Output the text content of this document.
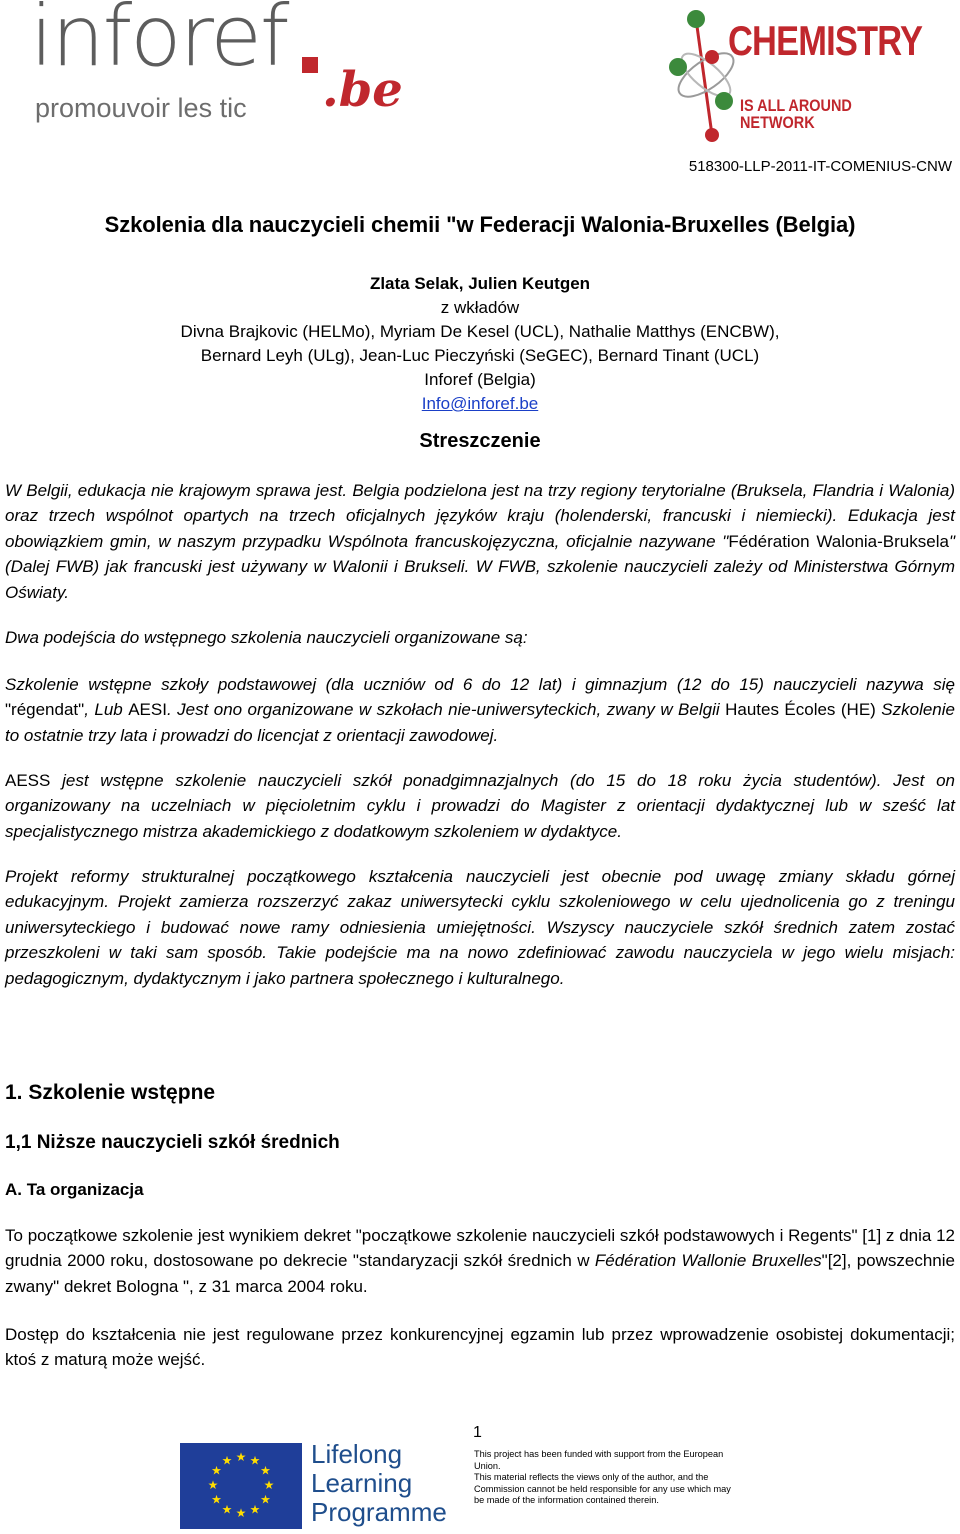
inforef
promouvoir les tic .be
CHEMISTRY
IS ALL AROUND NETWORK
518300-LLP-2011-IT-COMENIUS-CNW
Szkolenia dla nauczycieli chemii "w Federacji Walonia-Bruxelles (Belgia)
Zlata Selak, Julien Keutgen
z wkładów
Divna Brajkovic (HELMo), Myriam De Kesel (UCL), Nathalie Matthys (ENCBW),
Bernard Leyh (ULg), Jean-Luc Pieczyński (SeGEC), Bernard Tinant (UCL)
Inforef (Belgia)
Info@inforef.be
Streszczenie

W Belgii, edukacja nie krajowym sprawa jest. Belgia podzielona jest na trzy regiony terytorialne (Bruksela, Flandria i Walonia) oraz trzech wspólnot opartych na trzech oficjalnych języków kraju (holenderski, francuski i niemiecki). Edukacja jest obowiązkiem gmin, w naszym przypadku Wspólnota francuskojęzyczna, oficjalnie nazywane "Fédération Walonia-Bruksela"(Dalej FWB) jak francuski jest używany w Walonii i Brukseli. W FWB, szkolenie nauczycieli zależy od Ministerstwa Górnym Oświaty.

Dwa podejścia do wstępnego szkolenia nauczycieli organizowane są:

Szkolenie wstępne szkoły podstawowej (dla uczniów od 6 do 12 lat) i gimnazjum (12 do 15) nauczycieli nazywa się "régendat", Lub AESI. Jest ono organizowane w szkołach nie-uniwersyteckich, zwany w Belgii Hautes Écoles (HE) Szkolenie to ostatnie trzy lata i prowadzi do licencjat z orientacji zawodowej.

AESS jest wstępne szkolenie nauczycieli szkół ponadgimnazjalnych (do 15 do 18 roku życia studentów). Jest on organizowany na uczelniach w pięcioletnim cyklu i prowadzi do Magister z orientacji dydaktycznej lub w sześć lat specjalistycznego mistrza akademickiego z dodatkowym szkoleniem w dydaktyce.

Projekt reformy strukturalnej początkowego kształcenia nauczycieli jest obecnie pod uwagę zmiany składu górnej edukacyjnym. Projekt zamierza rozszerzyć zakaz uniwersytecki cyklu szkoleniowego w celu ujednolicenia go z treningu uniwersyteckiego i budować nowe ramy odniesienia umiejętności. Wszyscy nauczyciele szkół średnich zatem zostać przeszkoleni w taki sam sposób. Takie podejście ma na nowo zdefiniować zawodu nauczyciela w jego wielu misjach: pedagogicznym, dydaktycznym i jako partnera społecznego i kulturalnego.

1. Szkolenie wstępne
1,1 Niższe nauczycieli szkół średnich
A. Ta organizacja

To początkowe szkolenie jest wynikiem dekret "początkowe szkolenie nauczycieli szkół podstawowych i Regents" [1] z dnia 12 grudnia 2000 roku, dostosowane po dekrecie "standaryzacji szkół średnich w Fédération Wallonie Bruxelles"[2], powszechnie zwany" dekret Bologna ", z 31 marca 2004 roku.

Dostęp do kształcenia nie jest regulowane przez konkurencyjnej egzamin lub przez wprowadzenie osobistej dokumentacji; ktoś z maturą może wejść.

1
★ ★
★
★
★
★
★
★
★
★
★
★	Lifelong
Learning
Programme
This project has been funded with support from the European Union.
This material reflects the views only of the author, and the Commission cannot be held responsible for any use which may be made of the information contained therein.
